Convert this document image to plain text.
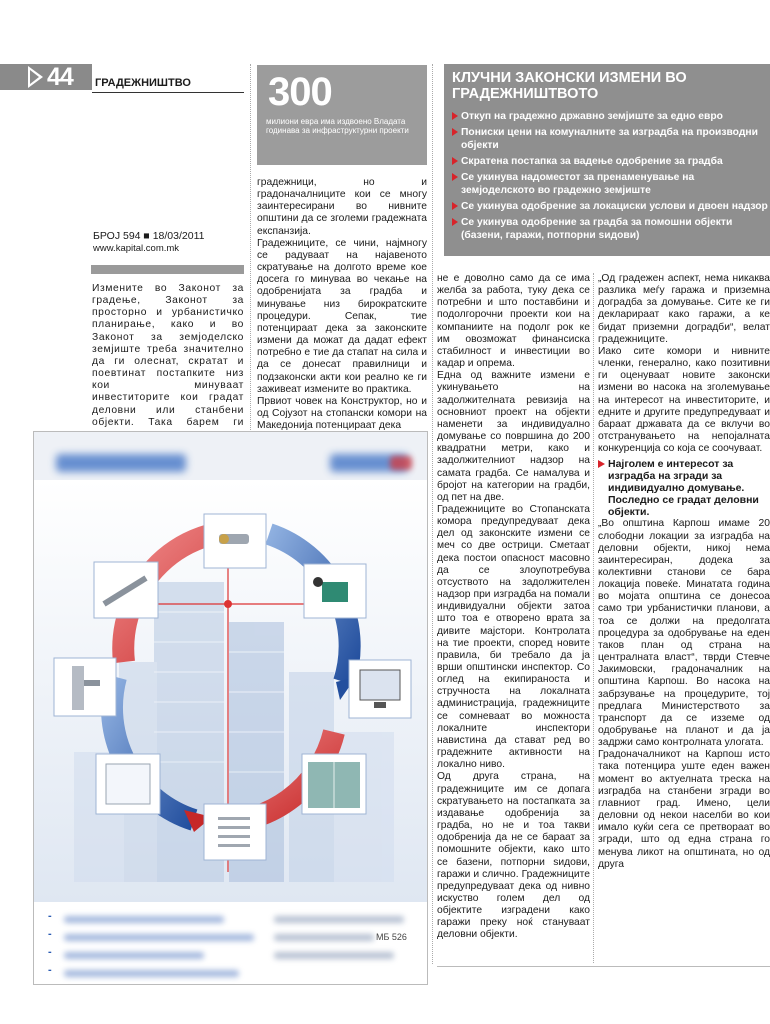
44 ГРАДЕЖНИШТВО
БРОЈ 594 ■ 18/03/2011
www.kapital.com.mk
300
милиони евра има издвоено Владата годинава за инфраструктурни проекти
КЛУЧНИ ЗАКОНСКИ ИЗМЕНИ ВО ГРАДЕЖНИШТВОТО
Откуп на градежно државно земјиште за едно евро
Пониски цени на комуналните за изградба на производни објекти
Скратена постапка за вадење одобрение за градба
Се укинува надоместот за пренаменување на земјоделското во градежно земјиште
Се укинува одобрение за локациски услови и двоен надзор
Се укинува одобрение за градба за помошни објекти (базени, гаражи, потпорни ѕидови)

Измените во Законот за градење, Законот за просторно и урбанистичко планирање, како и во Законот за земјоделско земјиште треба значително да ги олеснат, скратат и поевтинат постапките низ кои минуваат инвеститорите кои градат деловни или станбени објекти. Така барем ги

градежници, но и градоначалниците кои се многу заинтересирани во нивните општини да се зголеми градежната експанзија.

Градежниците, се чини, најмногу се радуваат на најавеното скратување на долгото време кое досега го минуваа во чекање на одобренијата за градба и минување низ бирократските процедури. Сепак, тие потенцираат дека за законските измени да можат да дадат ефект потребно е тие да стапат на сила и да се донесат правилници и подзаконски акти кои реално ке ги заживеат измените во практика.

Првиот човек на Конструктор, но и од Сојузот на стопански комори на Македонија потенцираат дека

не е доволно само да се има желба за работа, туку дека се потребни и што поставбини и подолгорочни проекти кои на компаниите на подолг рок ке им овозможат финансиска стабилност и инвестиции во кадар и опрема.

Една од важните измени е укинувањето на задолжителната ревизија на основниот проект на објекти наменети за индивидуално домување со површина до 200 квадратни метри, како и задолжителниот надзор на самата градба. Се намалува и бројот на категории на градби, од пет на две.

Градежниците во Стопанската комора предупредуваат дека дел од законските измени се меч со две острици. Сметаат дека постои опасност масовно да се злоупотребува отсуството на задолжителен надзор при изградба на помали индивидуални објекти затоа што тоа е отворено врата за дивите мајстори. Контролата на тие проекти, според новите правила, би требало да ја врши општински инспектор. Со оглед на екипираноста и стручноста на локалната администрација, градежниците се сомневаат во можноста локалните инспектори навистина да стават ред во градежните активности на локално ниво.

Од друга страна, на градежниците им се допага скратувањето на постапката за издавање одобренија за градба, но не и тоа такви одобренија да не се бараат за помошните објекти, како што се базени, потпорни ѕидови, гаражи и слично. Градежниците предупредуваат дека од нивно искуство голем дел од објектите изградени како гаражи преку ноќ стануваат деловни објекти.

„Од градежен аспект, нема никаква разлика меѓу гаража и приземна доградба за домување. Сите ке ги декларираат како гаражи, а ке бидат приземни доградби“, велат градежниците.

Иако сите комори и нивните членки, генерално, како позитивни ги оценуваат новите законски измени во насока на зголемување на интересот на инвеститорите, и едните и другите предупредуваат и бараат државата да се вклучи во отстранувањето на непојалната конкуренција со која се соочуваат.

Најголем е интересот за изградба на згради за индивидуално домување. Последно се градат деловни објекти.

„Во општина Карпош имаме 20 слободни локации за изградба на деловни објекти, никој нема заинтересиран, додека за колективни станови се бара локација повеќе. Минатата година во мојата општина се донесоа само три урбанистички планови, а тоа се должи на предолгата процедура за одобрување на еден таков план од страна на централната власт“, тврди Стевче Јакимовски, градоначалник на општина Карпош. Во насока на забрзување на процедурите, тој предлага Министерството за транспорт да се изземе од одобрување на планот и да ја задржи само контролната улогата.

Градоначалникот на Карпош исто така потенцира уште еден важен момент во актуелната треска на изградба на станбени згради во главниот град. Имено, цели деловни од некои населби во кои имало куќи сега се претвораат во згради, што од една страна го менува ликот на општината, но од друга

-
-
-
-
МБ 526
